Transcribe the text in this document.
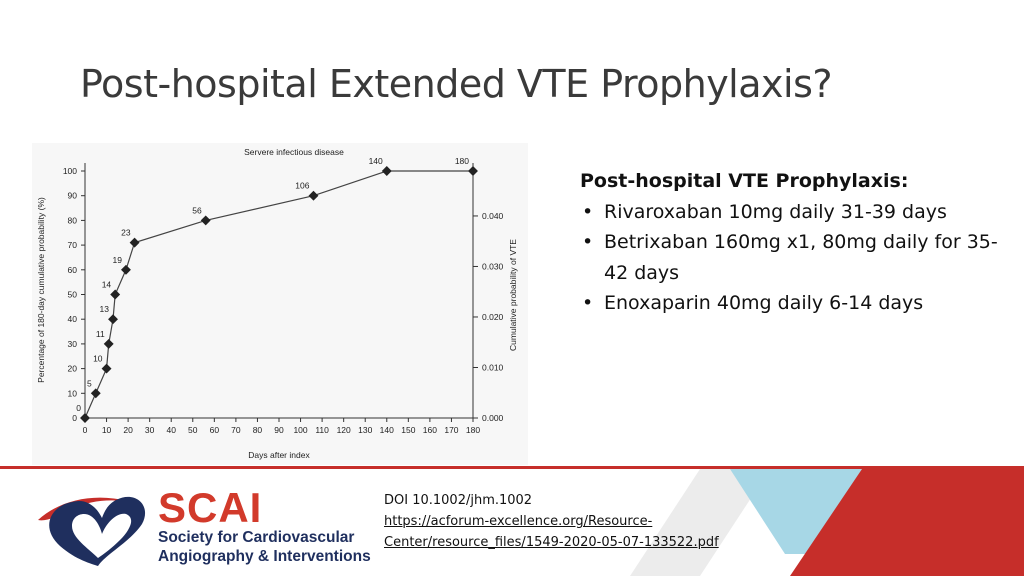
Post-hospital Extended VTE Prophylaxis?
Servere infectious disease
0 10 20 30 40 50 60 70 80 90 100 110 120 130 140 150 160 170 180
0
10
20
30
40
50
60
70
80
90
100
0.000
0.010
0.020
0.030
0.040
0
5
10
11
13
14
19
23
56
106
140	180
Days after index
Percentage of 180-day cumulative probability (%)	Cumulative probability of VTE
Post-hospital VTE Prophylaxis:
• Rivaroxaban 10mg daily 31-39 days
• Betrixaban 160mg x1, 80mg daily for 35-42 days
• Enoxaparin 40mg daily 6-14 days
SCAI
Society for Cardiovascular
Angiography & Interventions
DOI 10.1002/jhm.1002
https://acforum-excellence.org/Resource-
Center/resource_files/1549-2020-05-07-133522.pdf
